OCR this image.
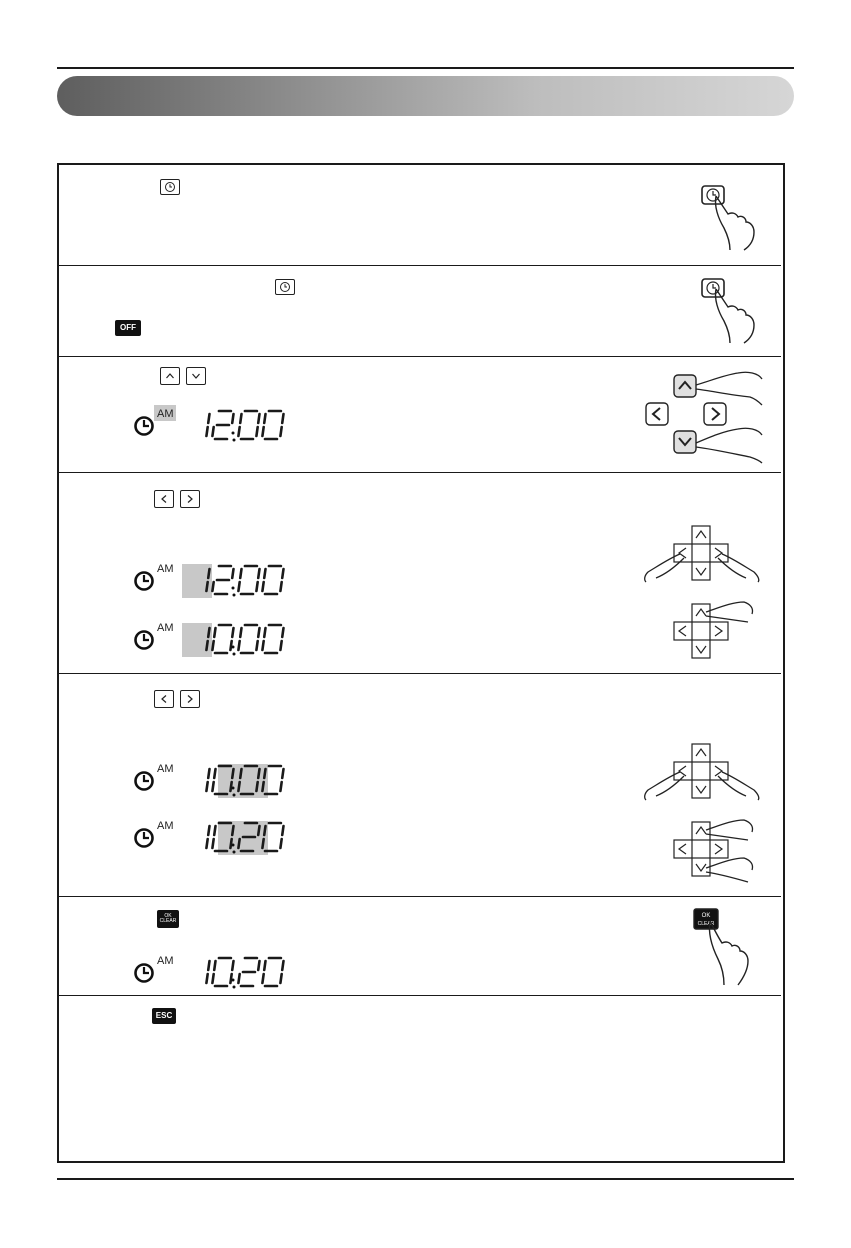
OFF
AM
AM
AM
AM
AM
OK
CLEAR
AM
OK
CLEAR
ESC
